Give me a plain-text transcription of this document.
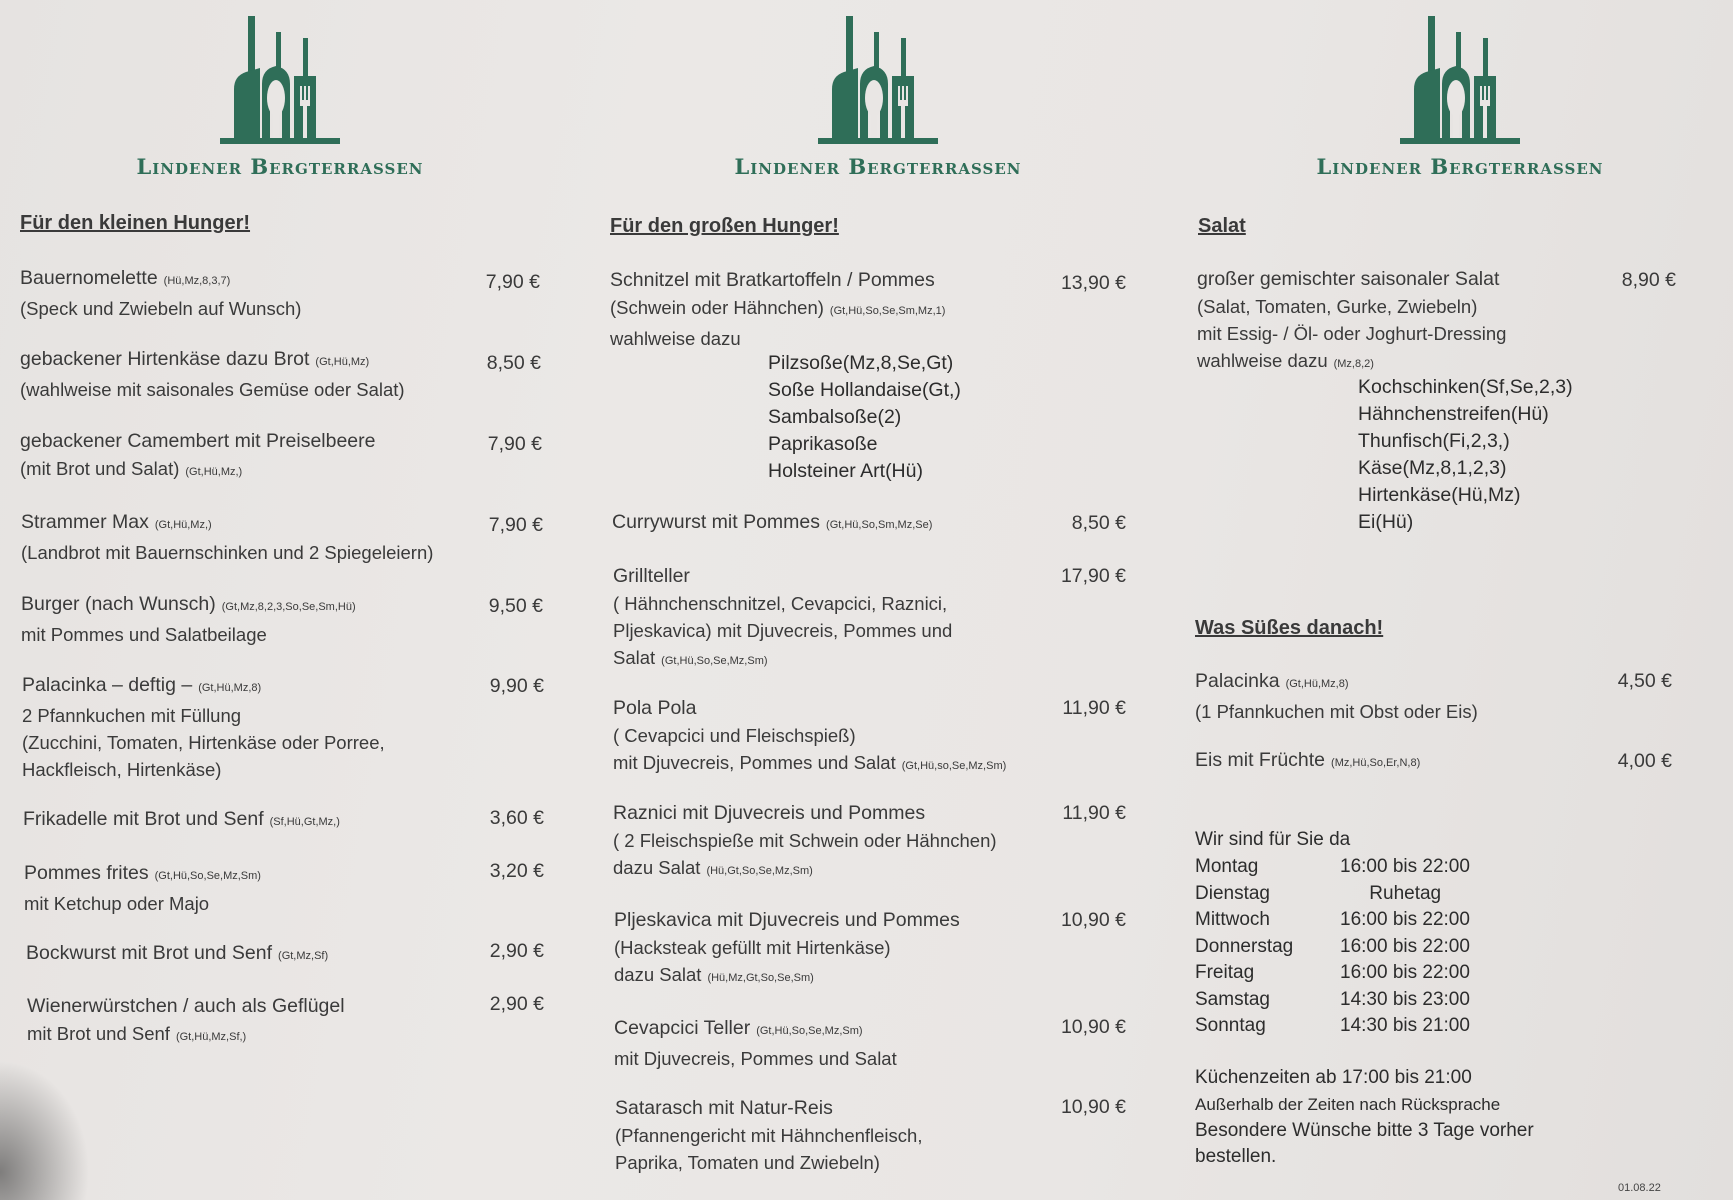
Lindener Bergterrassen
Für den kleinen Hunger!
Bauernomelette (Hü,Mz,8,3,7)
(Speck und Zwiebeln auf Wunsch)
7,90 €
gebackener Hirtenkäse dazu Brot (Gt,Hü,Mz)
(wahlweise mit saisonales Gemüse oder Salat)
8,50 €
gebackener Camembert mit Preiselbeere
(mit Brot und Salat) (Gt,Hü,Mz,)
7,90 €
Strammer Max (Gt,Hü,Mz,)
(Landbrot mit Bauernschinken und 2 Spiegeleiern)
7,90 €
Burger (nach Wunsch) (Gt,Mz,8,2,3,So,Se,Sm,Hü)
mit Pommes und Salatbeilage
9,50 €
Palacinka – deftig – (Gt,Hü,Mz,8)
2 Pfannkuchen mit Füllung
(Zucchini, Tomaten, Hirtenkäse oder Porree,
Hackfleisch, Hirtenkäse)
9,90 €
Frikadelle mit Brot und Senf (Sf,Hü,Gt,Mz,)	3,60 €
Pommes frites (Gt,Hü,So,Se,Mz,Sm)
mit Ketchup oder Majo
3,20 €
Bockwurst mit Brot und Senf (Gt,Mz,Sf)	2,90 €
Wienerwürstchen / auch als Geflügel
mit Brot und Senf (Gt,Hü,Mz,Sf,)
2,90 €
Lindener Bergterrassen
Für den großen Hunger!
Schnitzel mit Bratkartoffeln / Pommes
(Schwein oder Hähnchen) (Gt,Hü,So,Se,Sm,Mz,1)
wahlweise dazu
13,90 €
Pilzsoße(Mz,8,Se,Gt)
Soße Hollandaise(Gt,)
Sambalsoße(2)
Paprikasoße
Holsteiner Art(Hü)
Currywurst mit Pommes (Gt,Hü,So,Sm,Mz,Se)	8,50 €
Grillteller
( Hähnchenschnitzel, Cevapcici, Raznici,
Pljeskavica) mit Djuvecreis, Pommes und
Salat (Gt,Hü,So,Se,Mz,Sm)
17,90 €
Pola Pola
( Cevapcici und Fleischspieß)
mit Djuvecreis, Pommes und Salat (Gt,Hü,so,Se,Mz,Sm)
11,90 €
Raznici mit Djuvecreis und Pommes
( 2 Fleischspieße mit Schwein oder Hähnchen)
dazu Salat (Hü,Gt,So,Se,Mz,Sm)
11,90 €
Pljeskavica mit Djuvecreis und Pommes
(Hacksteak gefüllt mit Hirtenkäse)
dazu Salat (Hü,Mz,Gt,So,Se,Sm)
10,90 €
Cevapcici Teller (Gt,Hü,So,Se,Mz,Sm)
mit Djuvecreis, Pommes und Salat
10,90 €
Satarasch mit Natur-Reis
(Pfannengericht mit Hähnchenfleisch,
Paprika, Tomaten und Zwiebeln)
10,90 €
Lindener Bergterrassen
Salat
großer gemischter saisonaler Salat
(Salat, Tomaten, Gurke, Zwiebeln)
mit Essig- / Öl- oder Joghurt-Dressing
wahlweise dazu (Mz,8,2)
8,90 €
Kochschinken(Sf,Se,2,3)
Hähnchenstreifen(Hü)
Thunfisch(Fi,2,3,)
Käse(Mz,8,1,2,3)
Hirtenkäse(Hü,Mz)
Ei(Hü)
Was Süßes danach!
Palacinka (Gt,Hü,Mz,8)
(1 Pfannkuchen mit Obst oder Eis)
4,50 €
Eis mit Früchte (Mz,Hü,So,Er,N,8)	4,00 €
Wir sind für Sie da
Montag	16:00 bis 22:00
Dienstag	Ruhetag
Mittwoch	16:00 bis 22:00
Donnerstag 16:00 bis 22:00
Freitag	16:00 bis 22:00
Samstag	14:30 bis 23:00
Sonntag	14:30 bis 21:00
Küchenzeiten ab 17:00 bis 21:00
Außerhalb der Zeiten nach Rücksprache
Besondere Wünsche bitte 3 Tage vorher
bestellen.
01.08.22
